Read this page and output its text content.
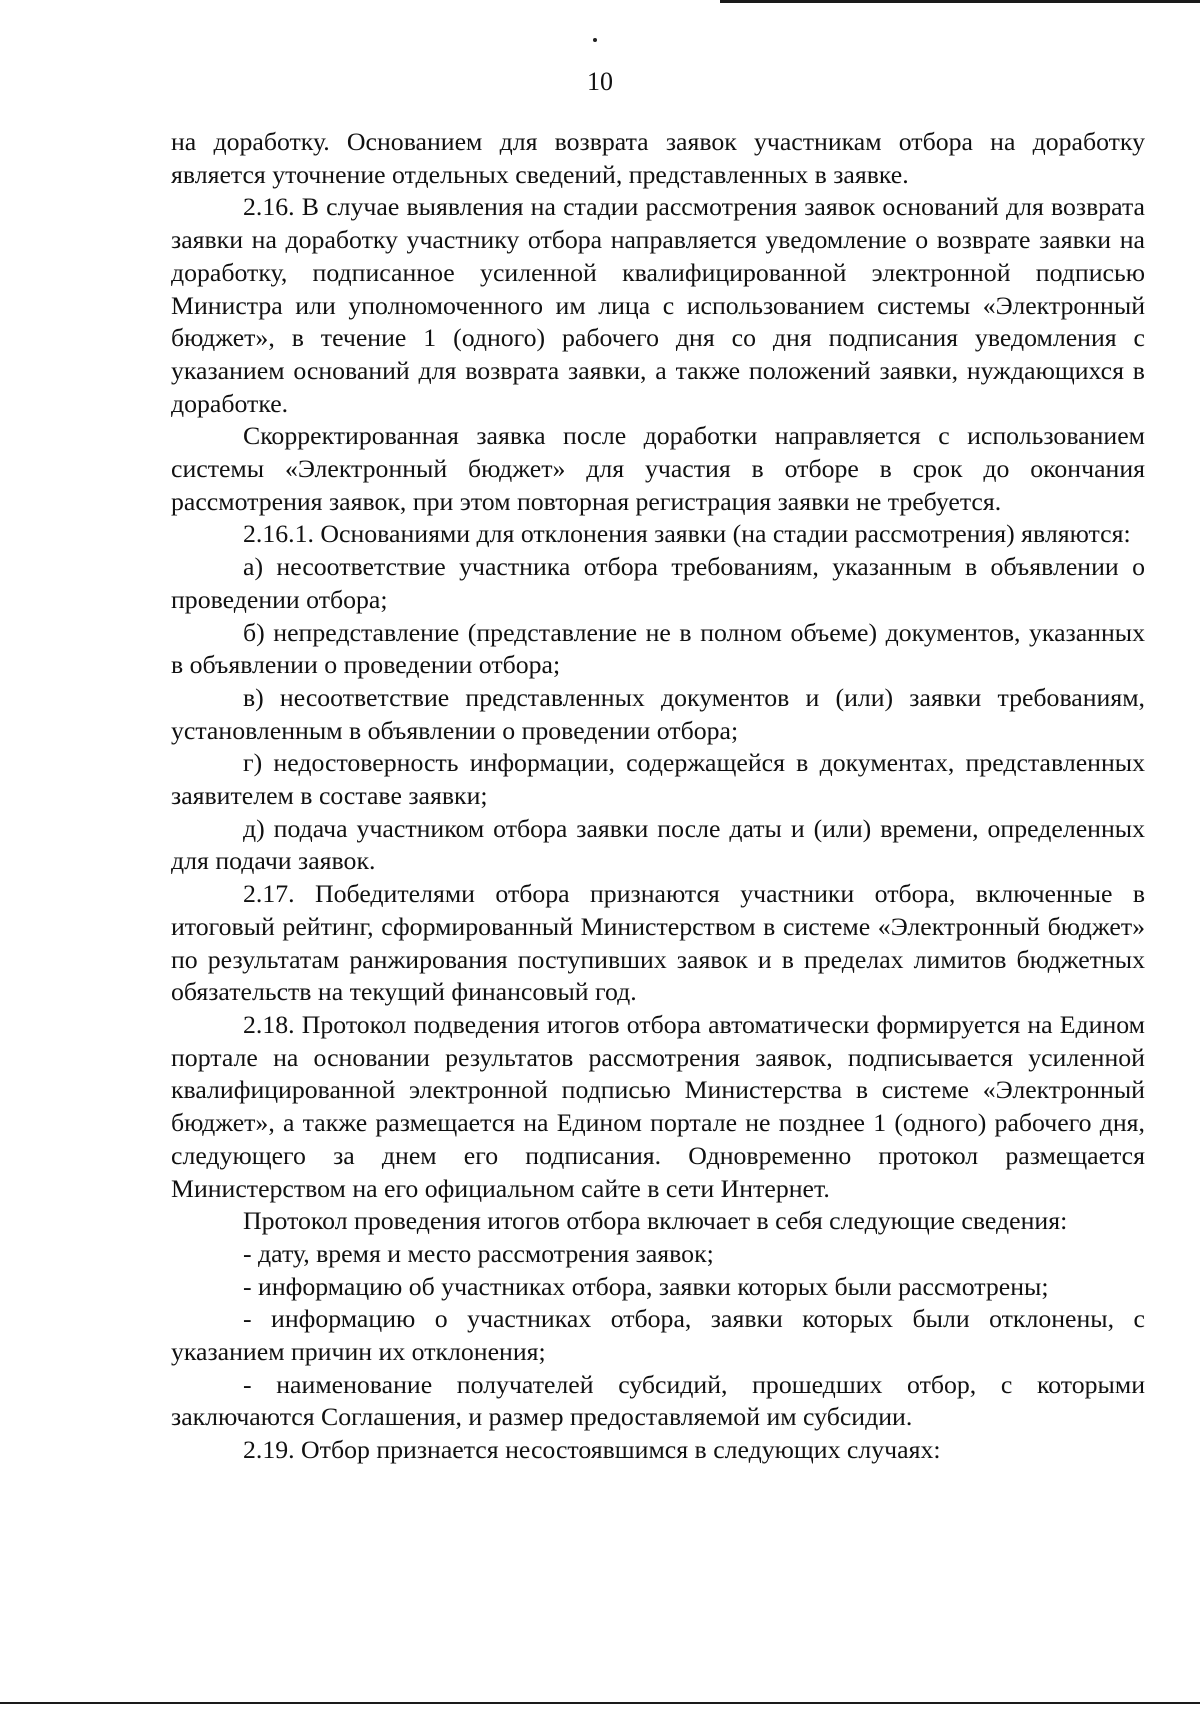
10

на доработку. Основанием для возврата заявок участникам отбора на доработку является уточнение отдельных сведений, представленных в заявке.

2.16. В случае выявления на стадии рассмотрения заявок оснований для возврата заявки на доработку участнику отбора направляется уведомление о возврате заявки на доработку, подписанное усиленной квалифицированной электронной подписью Министра или уполномоченного им лица с использованием системы «Электронный бюджет», в течение 1 (одного) рабочего дня со дня подписания уведомления с указанием оснований для возврата заявки, а также положений заявки, нуждающихся в доработке.

Скорректированная заявка после доработки направляется с использованием системы «Электронный бюджет» для участия в отборе в срок до окончания рассмотрения заявок, при этом повторная регистрация заявки не требуется.

2.16.1. Основаниями для отклонения заявки (на стадии рассмотрения) являются:

а) несоответствие участника отбора требованиям, указанным в объявлении о проведении отбора;

б) непредставление (представление не в полном объеме) документов, указанных в объявлении о проведении отбора;

в) несоответствие представленных документов и (или) заявки требованиям, установленным в объявлении о проведении отбора;

г) недостоверность информации, содержащейся в документах, представленных заявителем в составе заявки;

д) подача участником отбора заявки после даты и (или) времени, определенных для подачи заявок.

2.17. Победителями отбора признаются участники отбора, включенные в итоговый рейтинг, сформированный Министерством в системе «Электронный бюджет» по результатам ранжирования поступивших заявок и в пределах лимитов бюджетных обязательств на текущий финансовый год.

2.18. Протокол подведения итогов отбора автоматически формируется на Едином портале на основании результатов рассмотрения заявок, подписывается усиленной квалифицированной электронной подписью Министерства в системе «Электронный бюджет», а также размещается на Едином портале не позднее 1 (одного) рабочего дня, следующего за днем его подписания. Одновременно протокол размещается Министерством на его официальном сайте в сети Интернет.

Протокол проведения итогов отбора включает в себя следующие сведения:

- дату, время и место рассмотрения заявок;

- информацию об участниках отбора, заявки которых были рассмотрены;

- информацию о участниках отбора, заявки которых были отклонены, с указанием причин их отклонения;

- наименование получателей субсидий, прошедших отбор, с которыми заключаются Соглашения, и размер предоставляемой им субсидии.

2.19. Отбор признается несостоявшимся в следующих случаях:
